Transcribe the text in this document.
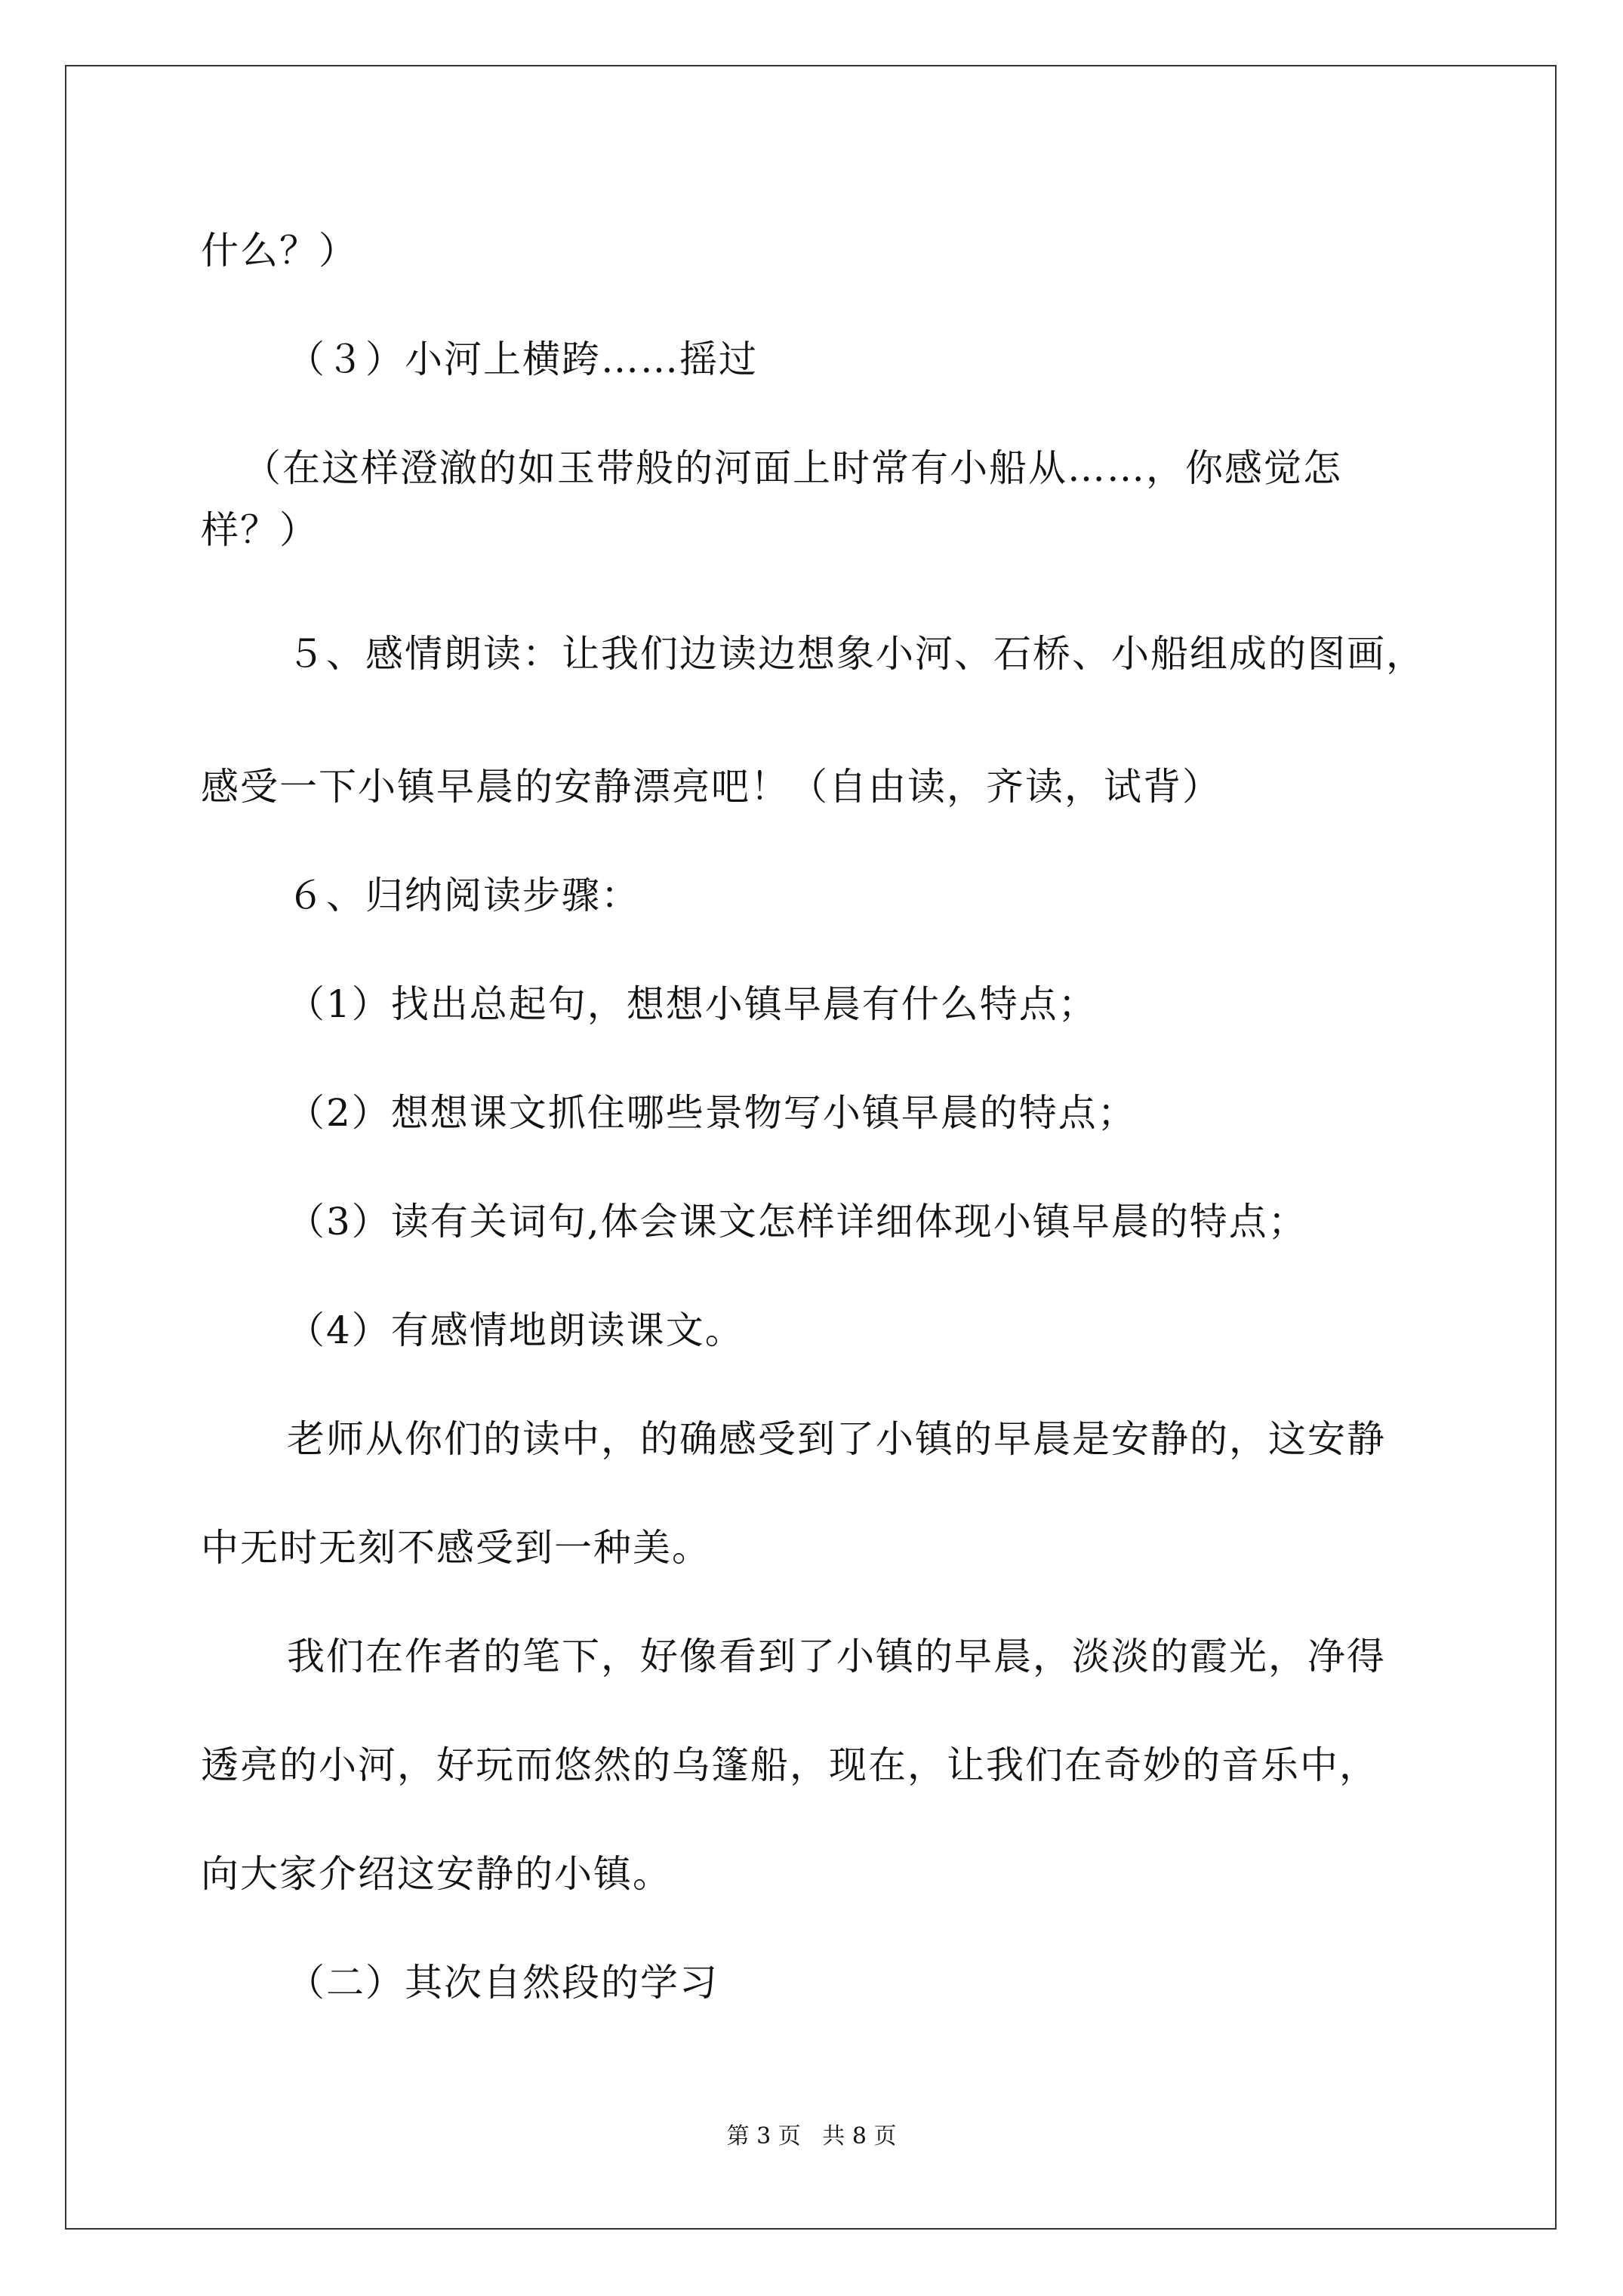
什么？）
（３）小河上横跨……摇过
（在这样澄澈的如玉带般的河面上时常有小船从……，你感觉怎
样？）
５、感情朗读：让我们边读边想象小河、石桥、小船组成的图画，
感受一下小镇早晨的安静漂亮吧！（自由读，齐读，试背）
６、归纳阅读步骤：
（1）找出总起句，想想小镇早晨有什么特点；
（2）想想课文抓住哪些景物写小镇早晨的特点；
（3）读有关词句,体会课文怎样详细体现小镇早晨的特点；
（4）有感情地朗读课文。
老师从你们的读中，的确感受到了小镇的早晨是安静的，这安静
中无时无刻不感受到一种美。
我们在作者的笔下，好像看到了小镇的早晨，淡淡的霞光，净得
透亮的小河，好玩而悠然的乌篷船，现在，让我们在奇妙的音乐中，
向大家介绍这安静的小镇。
（二）其次自然段的学习
第 3 页   共 8 页
